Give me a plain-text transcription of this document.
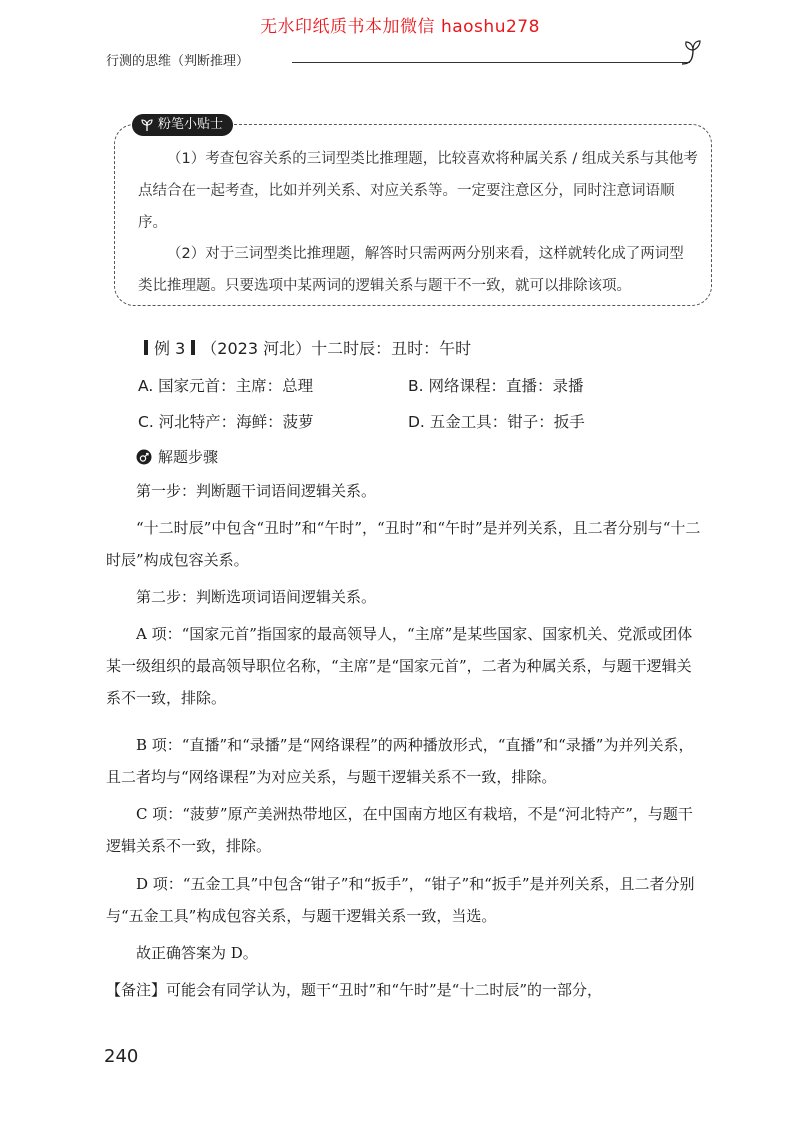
无水印纸质书本加微信 haoshu278
行测的思维（判断推理）
粉笔小贴士

（1）考查包容关系的三词型类比推理题，比较喜欢将种属关系 / 组成关系与其他考点结合在一起考查，比如并列关系、对应关系等。一定要注意区分，同时注意词语顺序。

（2）对于三词型类比推理题，解答时只需两两分别来看，这样就转化成了两词型类比推理题。只要选项中某两词的逻辑关系与题干不一致，就可以排除该项。

例 3 （2023 河北）十二时辰：丑时：午时
A. 国家元首：主席：总理	B. 网络课程：直播：录播
C. 河北特产：海鲜：菠萝	D. 五金工具：钳子：扳手
解题步骤

第一步：判断题干词语间逻辑关系。

“十二时辰”中包含“丑时”和“午时”，“丑时”和“午时”是并列关系，且二者分别与“十二时辰”构成包容关系。

第二步：判断选项词语间逻辑关系。

A 项：“国家元首”指国家的最高领导人，“主席”是某些国家、国家机关、党派或团体某一级组织的最高领导职位名称，“主席”是“国家元首”，二者为种属关系，与题干逻辑关系不一致，排除。

B 项：“直播”和“录播”是“网络课程”的两种播放形式，“直播”和“录播”为并列关系，且二者均与“网络课程”为对应关系，与题干逻辑关系不一致，排除。

C 项：“菠萝”原产美洲热带地区，在中国南方地区有栽培，不是“河北特产”，与题干逻辑关系不一致，排除。

D 项：“五金工具”中包含“钳子”和“扳手”，“钳子”和“扳手”是并列关系，且二者分别与“五金工具”构成包容关系，与题干逻辑关系一致，当选。

故正确答案为 D。

【备注】可能会有同学认为，题干“丑时”和“午时”是“十二时辰”的一部分，

240
